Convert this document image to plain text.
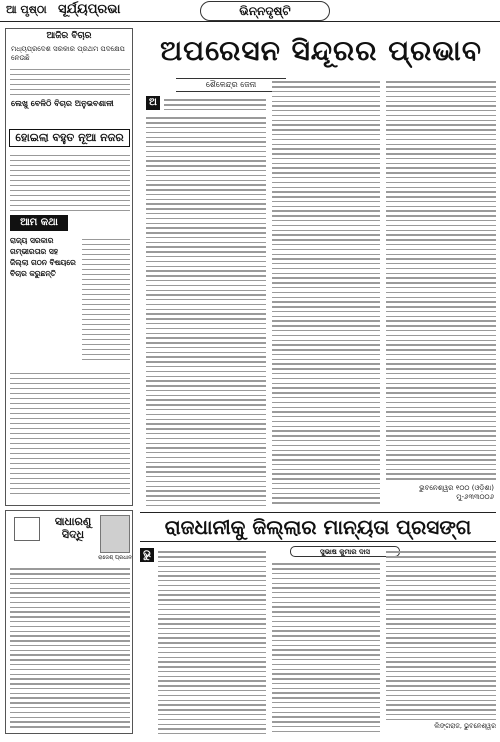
ଆ ପୃଷ୍ଠା ସୂର୍ଯ୍ୟପ୍ରଭା	ଭିନ୍ନଦୃଷ୍ଟି
ଆଜିର ବିଚାର
ମଧ୍ୟପ୍ରଦେଶ ସରକାର ପ୍ରଥମ ପଦକ୍ଷେପ ନେଉଛି
ଲେଖୁ ବେଳିଠି ବିଚାର ଅନୁଭବଶାଳୀ
ହୋଇଲା ବହୁତ ନୂଆ ନଜର
ଆମ କଥା
ରାଜ୍ୟ ସରକାର ଗମ୍ଭୀରତାର ସହ ଜିଲ୍ଲା ଗଠନ ବିଷୟରେ ବିଚାର କରୁଛନ୍ତି
ଅପରେସନ ସିନ୍ଦୂରର ପ୍ରଭାବ
ଶୈଳେନ୍ଦ୍ର ଜେନା
ଅ
ଭୁବନେଶ୍ୱର ୧୦୦ (ଓଡ଼ିଶା)
ମୁ-୬୩୩୦୦୬
ସାଧାରଣୁ ସିଦ୍ଧି
ରାଜେଶ୍ ପ୍ରଧାନ
ରାଜଧାନୀକୁ ଜିଲ୍ଲାର ମାନ୍ୟତା ପ୍ରସଙ୍ଗ
ଭୁ	ସୁଭାଷ କୁମାର ଦାସ
ଲିଙ୍ଗରାଜ, ଭୁବନେଶ୍ୱର
